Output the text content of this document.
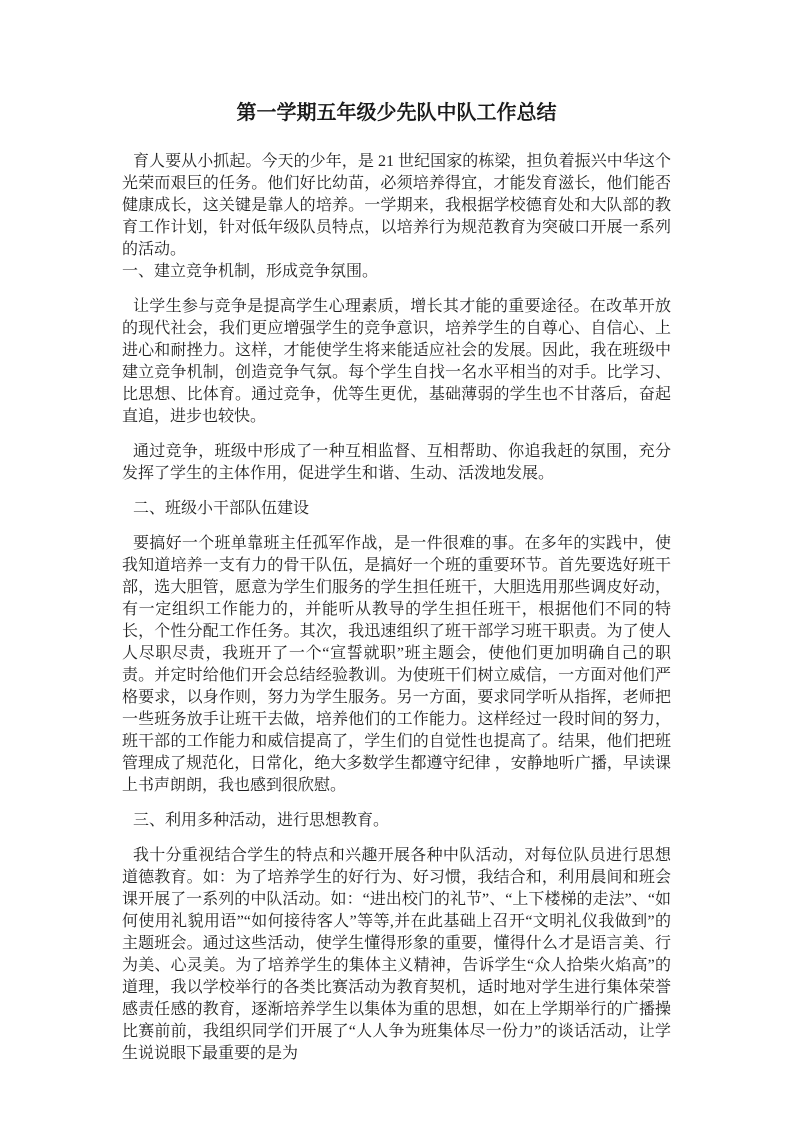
第一学期五年级少先队中队工作总结

育人要从小抓起。今天的少年，是 21 世纪国家的栋梁，担负着振兴中华这个光荣而艰巨的任务。他们好比幼苗，必须培养得宜，才能发育滋长，他们能否健康成长，这关键是靠人的培养。一学期来，我根据学校德育处和大队部的教育工作计划，针对低年级队员特点，以培养行为规范教育为突破口开展一系列的活动。

一、建立竞争机制，形成竞争氛围。

让学生参与竞争是提高学生心理素质，增长其才能的重要途径。在改革开放的现代社会，我们更应增强学生的竞争意识，培养学生的自尊心、自信心、上进心和耐挫力。这样，才能使学生将来能适应社会的发展。因此，我在班级中建立竞争机制，创造竞争气氛。每个学生自找一名水平相当的对手。比学习、比思想、比体育。通过竞争，优等生更优，基础薄弱的学生也不甘落后，奋起直追，进步也较快。

通过竞争，班级中形成了一种互相监督、互相帮助、你追我赶的氛围，充分发挥了学生的主体作用，促进学生和谐、生动、活泼地发展。

二、班级小干部队伍建设

要搞好一个班单靠班主任孤军作战，是一件很难的事。在多年的实践中，使我知道培养一支有力的骨干队伍，是搞好一个班的重要环节。首先要选好班干部，选大胆管，愿意为学生们服务的学生担任班干，大胆选用那些调皮好动，有一定组织工作能力的，并能听从教导的学生担任班干，根据他们不同的特长，个性分配工作任务。其次，我迅速组织了班干部学习班干职责。为了使人人尽职尽责，我班开了一个“宣誓就职”班主题会，使他们更加明确自己的职责。并定时给他们开会总结经验教训。为使班干们树立威信，一方面对他们严格要求，以身作则，努力为学生服务。另一方面，要求同学听从指挥，老师把一些班务放手让班干去做，培养他们的工作能力。这样经过一段时间的努力，班干部的工作能力和威信提高了，学生们的自觉性也提高了。结果，他们把班管理成了规范化，日常化，绝大多数学生都遵守纪律 ，安静地听广播，早读课上书声朗朗，我也感到很欣慰。

三、利用多种活动，进行思想教育。

我十分重视结合学生的特点和兴趣开展各种中队活动，对每位队员进行思想道德教育。如：为了培养学生的好行为、好习惯，我结合和，利用晨间和班会课开展了一系列的中队活动。如：“进出校门的礼节”、“上下楼梯的走法”、“如何使用礼貌用语”“如何接待客人”等等,并在此基础上召开“文明礼仪我做到”的主题班会。通过这些活动，使学生懂得形象的重要，懂得什么才是语言美、行为美、心灵美。为了培养学生的集体主义精神，告诉学生“众人拾柴火焰高”的道理，我以学校举行的各类比赛活动为教育契机，适时地对学生进行集体荣誉感责任感的教育，逐渐培养学生以集体为重的思想，如在上学期举行的广播操比赛前前，我组织同学们开展了“人人争为班集体尽一份力”的谈话活动，让学生说说眼下最重要的是为
